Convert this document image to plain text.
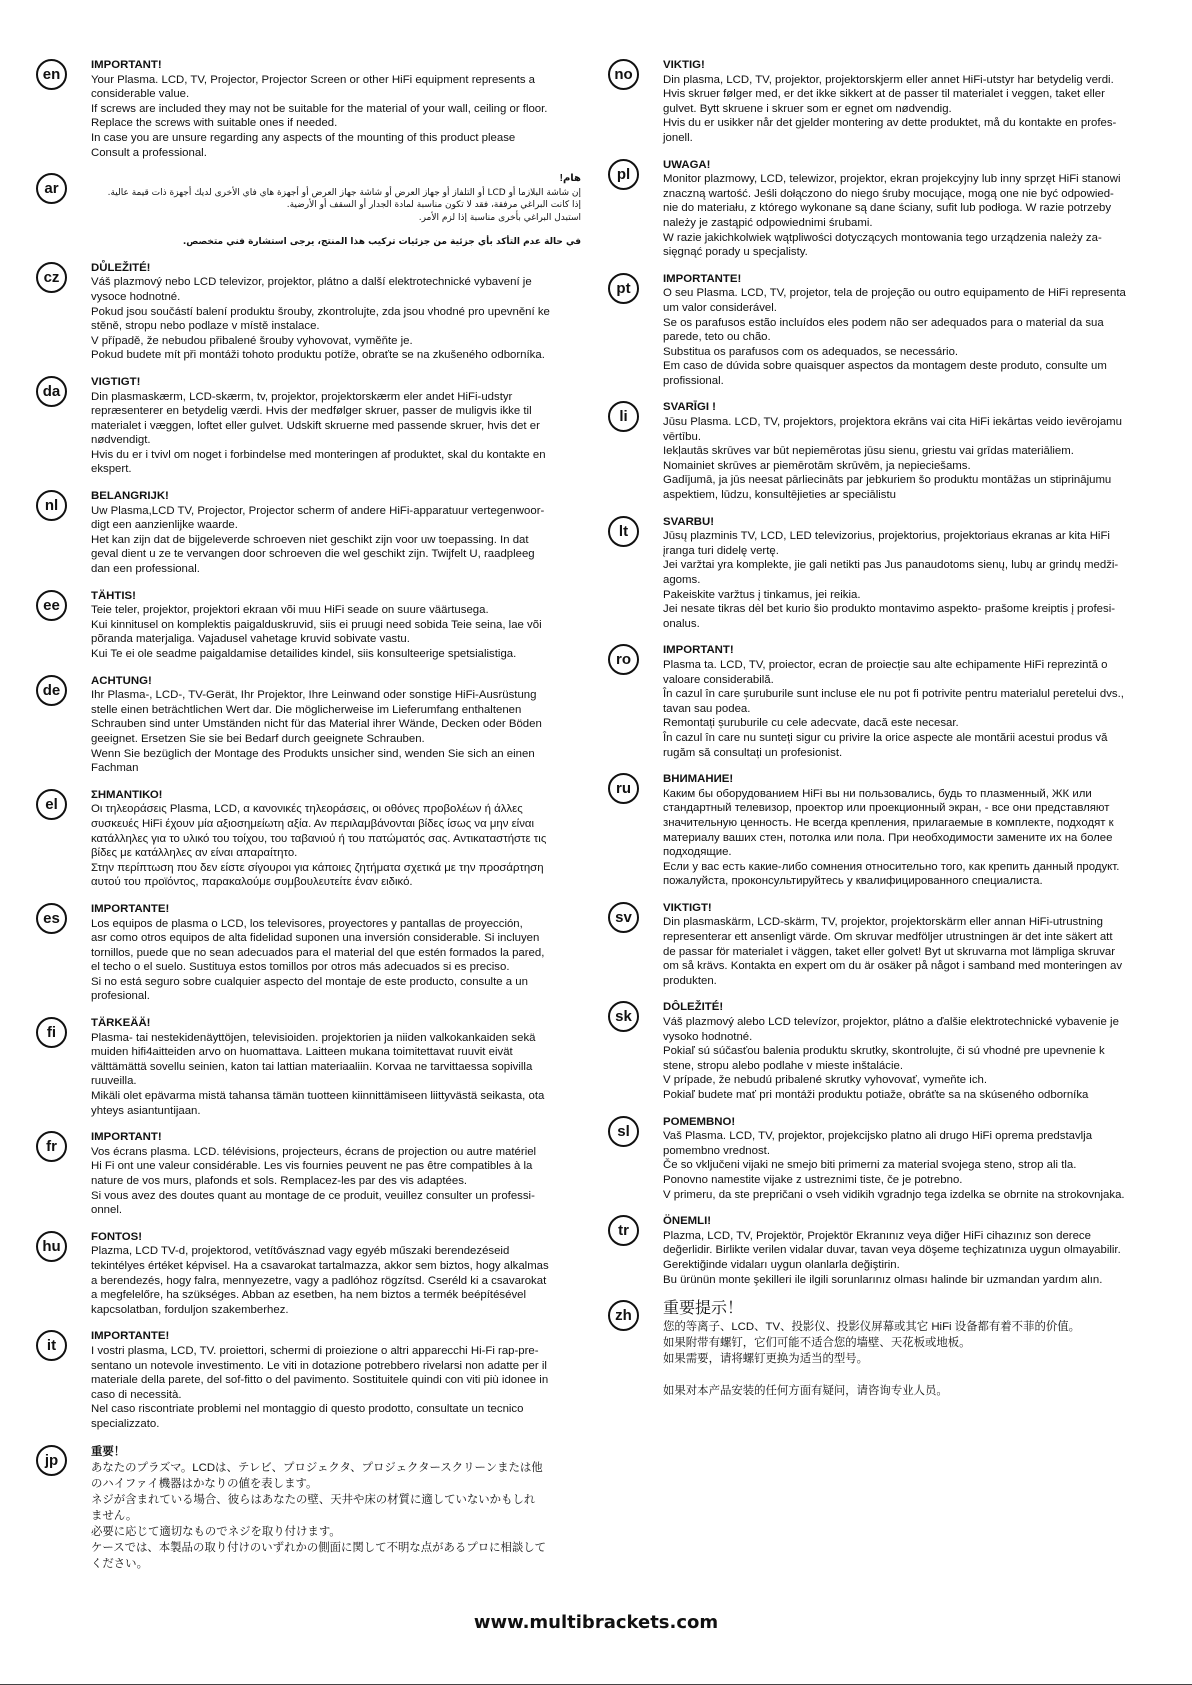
en
IMPORTANT!

Your Plasma. LCD, TV, Projector, Projector Screen or other HiFi equipment represents a

considerable value.

If screws are included they may not be suitable for the material of your wall, ceiling or floor.

Replace the screws with suitable ones if needed.

In case you are unsure regarding any aspects of the mounting of this product please

Consult a professional.

ar
هام!

إن شاشة البلازما أو LCD أو التلفاز أو جهاز العرض أو شاشة جهاز العرض أو أجهزة هاي فاي الأخرى لديك أجهزة ذات قيمة عالية.

إذا كانت البراغي مرفقة، فقد لا تكون مناسبة لمادة الجدار أو السقف أو الأرضية.

استبدل البراغي بأخرى مناسبة إذا لزم الأمر.

في حالة عدم التأكد بأي جزئية من جزئيات تركيب هذا المنتج، يرجى استشارة فني متخصص.

cz
DŮLEŽITÉ!

Váš plazmový nebo LCD televizor, projektor, plátno a další elektrotechnické vybavení je

vysoce hodnotné.

Pokud jsou součástí balení produktu šrouby, zkontrolujte, zda jsou vhodné pro upevnění ke

stěně, stropu nebo podlaze v místě instalace.

V případě, že nebudou přibalené šrouby vyhovovat, vyměňte je.

Pokud budete mít při montáži tohoto produktu potíže, obraťte se na zkušeného odborníka.

da
VIGTIGT!

Din plasmaskærm, LCD-skærm, tv, projektor, projektorskærm eler andet HiFi-udstyr

repræsenterer en betydelig værdi. Hvis der medfølger skruer, passer de muligvis ikke til

materialet i væggen, loftet eller gulvet. Udskift skruerne med passende skruer, hvis det er

nødvendigt.

Hvis du er i tvivl om noget i forbindelse med monteringen af produktet, skal du kontakte en

ekspert.

nl
BELANGRIJK!

Uw Plasma,LCD TV, Projector, Projector scherm of andere HiFi-apparatuur vertegenwoor-

digt een aanzienlijke waarde.

Het kan zijn dat de bijgeleverde schroeven niet geschikt zijn voor uw toepassing. In dat

geval dient u ze te vervangen door schroeven die wel geschikt zijn. Twijfelt U, raadpleeg

dan een professional.

ee
TÄHTIS!

Teie teler, projektor, projektori ekraan või muu HiFi seade on suure väärtusega.

Kui kinnitusel on komplektis paigalduskruvid, siis ei pruugi need sobida Teie seina, lae või

põranda materjaliga. Vajadusel vahetage kruvid sobivate vastu.

Kui Te ei ole seadme paigaldamise detailides kindel, siis konsulteerige spetsialistiga.

de
ACHTUNG!

Ihr Plasma-, LCD-, TV-Gerät, Ihr Projektor, Ihre Leinwand oder sonstige HiFi-Ausrüstung

stelle einen beträchtlichen Wert dar. Die möglicherweise im Lieferumfang enthaltenen

Schrauben sind unter Umständen nicht für das Material ihrer Wände, Decken oder Böden

geeignet. Ersetzen Sie sie bei Bedarf durch geeignete Schrauben.

Wenn Sie bezüglich der Montage des Produkts unsicher sind, wenden Sie sich an einen

Fachman

el
ΣΗΜΑΝΤΙΚΟ!

Οι τηλεοράσεις Plasma, LCD, α κανονικές τηλεοράσεις, οι οθόνες προβολέων ή άλλες

συσκευές HiFi έχουν μία αξιοσημείωτη αξία. Αν περιλαμβάνονται βίδες ίσως να μην είναι

κατάλληλες για το υλικό του τοίχου, του ταβανιού ή του πατώματός σας. Αντικαταστήστε τις

βίδες με κατάλληλες αν είναι απαραίτητο.

Στην περίπτωση που δεν είστε σίγουροι για κάποιες ζητήματα σχετικά με την προσάρτηση

αυτού του προϊόντος, παρακαλούμε συμβουλευτείτε έναν ειδικό.

es
IMPORTANTE!

Los equipos de plasma o LCD, los televisores, proyectores y pantallas de proyección,

asr como otros equipos de alta fidelidad suponen una inversión considerable. Si incluyen

tornillos, puede que no sean adecuados para el material del que estén formados la pared,

el techo o el suelo. Sustituya estos tomillos por otros más adecuados si es preciso.

Si no está seguro sobre cualquier aspecto del montaje de este producto, consulte a un

profesional.

fi
TÄRKEÄÄ!

Plasma- tai nestekidenäyttöjen, televisioiden. projektorien ja niiden valkokankaiden sekä

muiden hifi4aitteiden arvo on huomattava. Laitteen mukana toimitettavat ruuvit eivät

välttämättä sovellu seinien, katon tai lattian materiaaliin. Korvaa ne tarvittaessa sopivilla

ruuveilla.

Mikäli olet epävarma mistä tahansa tämän tuotteen kiinnittämiseen liittyvästä seikasta, ota

yhteys asiantuntijaan.

fr
IMPORTANT!

Vos écrans plasma. LCD. télévisions, projecteurs, écrans de projection ou autre matériel

Hi Fi ont une valeur considérable. Les vis fournies peuvent ne pas être compatibles à la

nature de vos murs, plafonds et sols. Remplacez-les par des vis adaptées.

Si vous avez des doutes quant au montage de ce produit, veuillez consulter un professi-

onnel.

hu
FONTOS!

Plazma, LCD TV-d, projektorod, vetítővásznad vagy egyéb műszaki berendezéseid

tekintélyes értéket képvisel. Ha a csavarokat tartalmazza, akkor sem biztos, hogy alkalmas

a berendezés, hogy falra, mennyezetre, vagy a padlóhoz rögzítsd. Cseréld ki a csavarokat

a megfelelőre, ha szükséges. Abban az esetben, ha nem biztos a termék beépítésével

kapcsolatban, forduljon szakemberhez.

it
IMPORTANTE!

I vostri plasma, LCD, TV. proiettori, schermi di proiezione o altri apparecchi Hi-Fi rap-pre-

sentano un notevole investimento. Le viti in dotazione potrebbero rivelarsi non adatte per il

materiale della parete, del sof-fitto o del pavimento. Sostituitele quindi con viti più idonee in

caso di necessità.

Nel caso riscontriate problemi nel montaggio di questo prodotto, consultate un tecnico

specializzato.

jp	重要！

あなたのプラズマ。LCDは、テレビ、プロジェクタ、プロジェクタースクリーンまたは他

のハイファイ機器はかなりの値を表します。

ネジが含まれている場合、彼らはあなたの壁、天井や床の材質に適していないかもしれ

ません。

必要に応じて適切なものでネジを取り付けます。

ケースでは、本製品の取り付けのいずれかの側面に関して不明な点があるプロに相談して

ください。

no
VIKTIG!

Din plasma, LCD, TV, projektor, projektorskjerm eller annet HiFi-utstyr har betydelig verdi.

Hvis skruer følger med, er det ikke sikkert at de passer til materialet i veggen, taket eller

gulvet. Bytt skruene i skruer som er egnet om nødvendig.

Hvis du er usikker når det gjelder montering av dette produktet, må du kontakte en profes-

jonell.

pl
UWAGA!

Monitor plazmowy, LCD, telewizor, projektor, ekran projekcyjny lub inny sprzęt HiFi stanowi

znaczną wartość. Jeśli dołączono do niego śruby mocujące, mogą one nie być odpowied-

nie do materiału, z którego wykonane są dane ściany, sufit lub podłoga. W razie potrzeby

należy je zastąpić odpowiednimi śrubami.

W razie jakichkolwiek wątpliwości dotyczących montowania tego urządzenia należy za-

sięgnąć porady u specjalisty.

pt
IMPORTANTE!

O seu Plasma. LCD, TV, projetor, tela de projeção ou outro equipamento de HiFi representa

um valor considerável.

Se os parafusos estão incluídos eles podem não ser adequados para o material da sua

parede, teto ou chão.

Substitua os parafusos com os adequados, se necessário.

Em caso de dúvida sobre quaisquer aspectos da montagem deste produto, consulte um

profissional.

li
SVARĪGI !

Jūsu Plasma. LCD, TV, projektors, projektora ekrāns vai cita HiFi iekārtas veido ievērojamu

vērtību.

Iekļautās skrūves var būt nepiemērotas jūsu sienu, griestu vai grīdas materiāliem.

Nomainiet skrūves ar piemērotām skrūvēm, ja nepieciešams.

Gadījumā, ja jūs neesat pārliecināts par jebkuriem šo produktu montāžas un stiprinājumu

aspektiem, lūdzu, konsultējieties ar speciālistu

lt
SVARBU!

Jūsų plazminis TV, LCD, LED televizorius, projektorius, projektoriaus ekranas ar kita HiFi

įranga turi didelę vertę.

Jei varžtai yra komplekte, jie gali netikti pas Jus panaudotoms sienų, lubų ar grindų medži-

agoms.

Pakeiskite varžtus į tinkamus, jei reikia.

Jei nesate tikras dėl bet kurio šio produkto montavimo aspekto- prašome kreiptis į profesi-

onalus.

ro
IMPORTANT!

Plasma ta. LCD, TV, proiector, ecran de proiecție sau alte echipamente HiFi reprezintă o

valoare considerabilă.

În cazul în care șuruburile sunt incluse ele nu pot fi potrivite pentru materialul peretelui dvs.,

tavan sau podea.

Remontați șuruburile cu cele adecvate, dacă este necesar.

În cazul în care nu sunteți sigur cu privire la orice aspecte ale montării acestui produs vă

rugăm să consultați un profesionist.

ru
ВНИМАНИЕ!

Каким бы оборудованием HiFi вы ни пользовались, будь то плазменный, ЖК или

стандартный телевизор, проектор или проекционный экран, - все они представляют

значительную ценность. Не всегда крепления, прилагаемые в комплекте, подходят к

материалу ваших стен, потолка или пола. При необходимости замените их на более

подходящие.

Если у вас есть какие-либо сомнения относительно того, как крепить данный продукт.

пожалуйста, проконсультируйтесь у квалифицированного специалиста.

sv
VIKTIGT!

Din plasmaskärm, LCD-skärm, TV, projektor, projektorskärm eller annan HiFi-utrustning

representerar ett ansenligt värde. Om skruvar medföljer utrustningen är det inte säkert att

de passar för materialet i väggen, taket eller golvet! Byt ut skruvarna mot lämpliga skruvar

om så krävs. Kontakta en expert om du är osäker på något i samband med monteringen av

produkten.

sk
DÔLEŽITÉ!

Váš plazmový alebo LCD televízor, projektor, plátno a ďalšie elektrotechnické vybavenie je

vysoko hodnotné.

Pokiaľ sú súčasťou balenia produktu skrutky, skontrolujte, či sú vhodné pre upevnenie k

stene, stropu alebo podlahe v mieste inštalácie.

V prípade, že nebudú pribalené skrutky vyhovovať, vymeňte ich.

Pokiaľ budete mať pri montáži produktu potiaže, obráťte sa na skúseného odborníka

sl
POMEMBNO!

Vaš Plasma. LCD, TV, projektor, projekcijsko platno ali drugo HiFi oprema predstavlja

pomembno vrednost.

Če so vključeni vijaki ne smejo biti primerni za material svojega steno, strop ali tla.

Ponovno namestite vijake z ustreznimi tiste, če je potrebno.

V primeru, da ste prepričani o vseh vidikih vgradnjo tega izdelka se obrnite na strokovnjaka.

tr
ÖNEMLI!

Plazma, LCD, TV, Projektör, Projektör Ekranınız veya diğer HiFi cihazınız son derece

değerlidir. Birlikte verilen vidalar duvar, tavan veya döşeme teçhizatınıza uygun olmayabilir.

Gerektiğinde vidaları uygun olanlarla değiştirin.

Bu ürünün monte şekilleri ile ilgili sorunlarınız olması halinde bir uzmandan yardım alın.

zh	重要提示！

您的等离子、LCD、TV、投影仪、投影仪屏幕或其它 HiFi 设备都有着不菲的价值。

如果附带有螺钉，它们可能不适合您的墙壁、天花板或地板。

如果需要，请将螺钉更换为适当的型号。

如果对本产品安装的任何方面有疑问，请咨询专业人员。

www.multibrackets.com
